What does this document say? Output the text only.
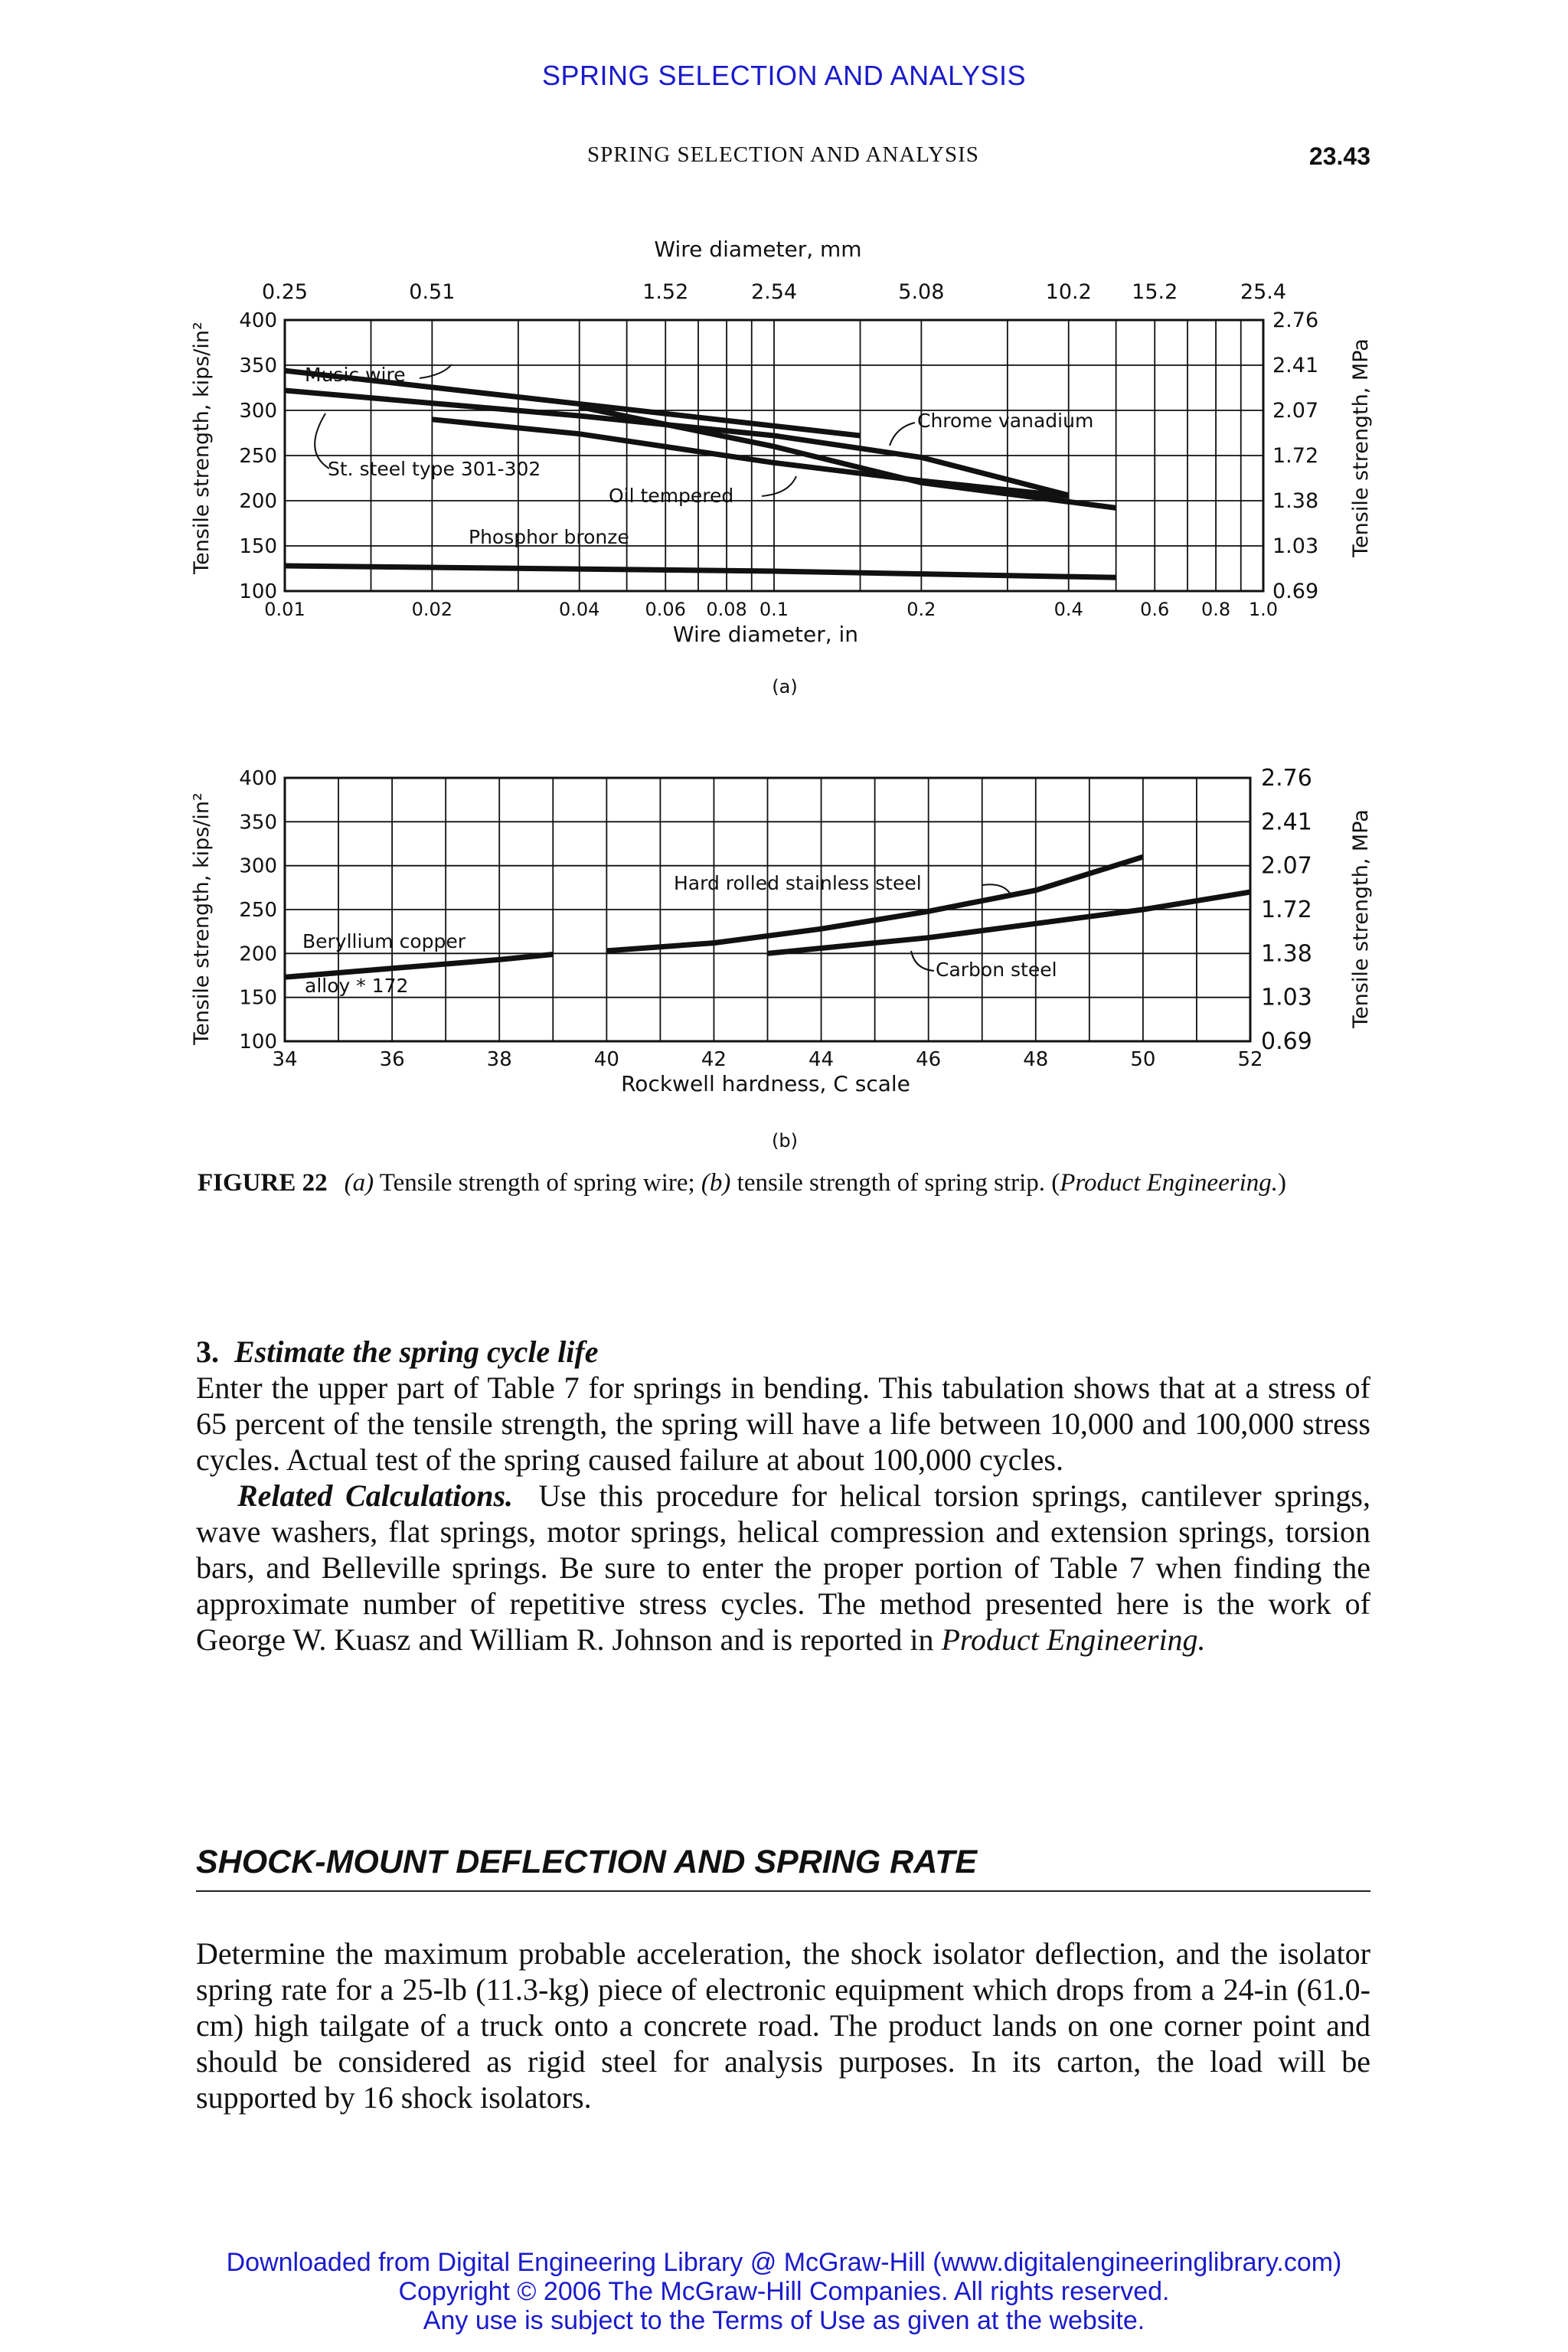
SPRING SELECTION AND ANALYSIS
SPRING SELECTION AND ANALYSIS	23.43
Wire diameter, mm
0.25	0.51	1.52	2.54	5.08	10.2 15.2	25.4
400
350
300
250
200
150
100
2.76
2.41
2.07
1.72
1.38
1.03
0.69
0.01	0.02	0.04 0.06 0.08 0.1	0.2	0.4	0.6 0.8 1.0
Tensile strength, kips/in²	Tensile strength, MPa
Wire diameter, in
(a)
Music wire
St. steel type 301-302
Oil tempered
Phosphor bronze
Chrome vanadium
400
350
300
250
200
150
100
2.76
2.41
2.07
1.72
1.38
1.03
0.69
34	36	38	40	42	44	46	48	50	52
Tensile strength, kips/in²	Tensile strength, MPa
Rockwell hardness, C scale
(b)
Hard rolled stainless steel
Beryllium copper
alloy * 172
Carbon steel
FIGURE 22 (a) Tensile strength of spring wire; (b) tensile strength of spring strip. (Product Engineering.)

3. Estimate the spring cycle life

Enter the upper part of Table 7 for springs in bending. This tabulation shows that at a stress of 65 percent of the tensile strength, the spring will have a life between 10,000 and 100,000 stress cycles. Actual test of the spring caused failure at about 100,000 cycles.

Related Calculations. Use this procedure for helical torsion springs, cantilever springs, wave washers, flat springs, motor springs, helical compression and extension springs, torsion bars, and Belleville springs. Be sure to enter the proper portion of Table 7 when finding the approximate number of repetitive stress cycles. The method presented here is the work of George W. Kuasz and William R. Johnson and is reported in Product Engineering.

SHOCK-MOUNT DEFLECTION AND SPRING RATE

Determine the maximum probable acceleration, the shock isolator deflection, and the isolator spring rate for a 25-lb (11.3-kg) piece of electronic equipment which drops from a 24-in (61.0-cm) high tailgate of a truck onto a concrete road. The product lands on one corner point and should be considered as rigid steel for analysis purposes. In its carton, the load will be supported by 16 shock isolators.

Downloaded from Digital Engineering Library @ McGraw-Hill (www.digitalengineeringlibrary.com)
Copyright © 2006 The McGraw-Hill Companies. All rights reserved.
Any use is subject to the Terms of Use as given at the website.
